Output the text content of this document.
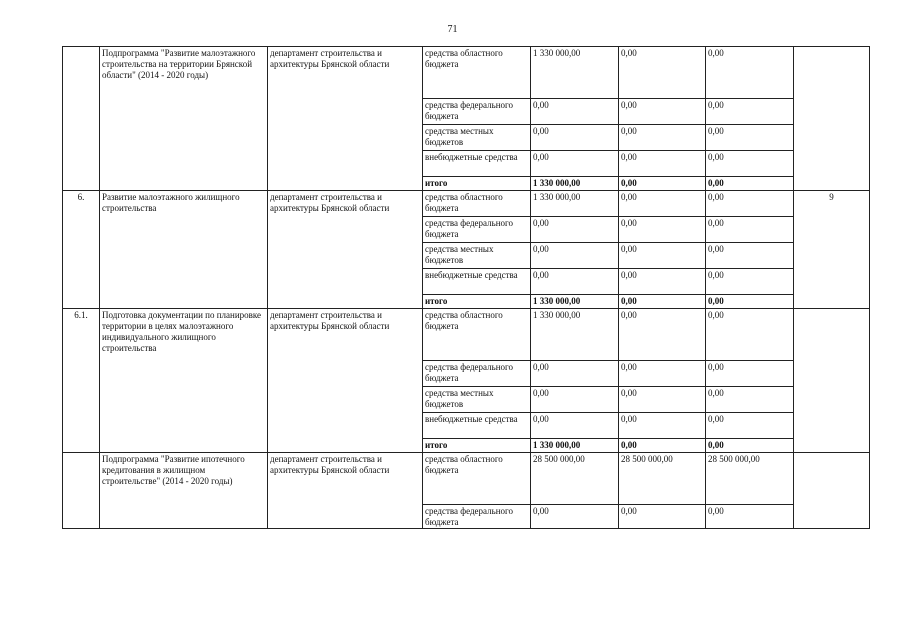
71
	Подпрограмма "Развитие малоэтажного строительства на территории Брянской области" (2014 - 2020 годы)	департамент строительства и архитектуры Брянской области	средства областного бюджета	1 330 000,00	0,00	0,00	
			средства федерального бюджета	0,00	0,00	0,00	
			средства местных бюджетов	0,00	0,00	0,00	
			внебюджетные средства	0,00	0,00	0,00	
			итого	1 330 000,00	0,00	0,00	
6.	Развитие малоэтажного жилищного строительства	департамент строительства и архитектуры Брянской области	средства областного бюджета	1 330 000,00	0,00	0,00	9
			средства федерального бюджета	0,00	0,00	0,00	
			средства местных бюджетов	0,00	0,00	0,00	
			внебюджетные средства	0,00	0,00	0,00	
			итого	1 330 000,00	0,00	0,00	
6.1.	Подготовка документации по планировке территории в целях малоэтажного индивидуального жилищного строительства	департамент строительства и архитектуры Брянской области	средства областного бюджета	1 330 000,00	0,00	0,00	
			средства федерального бюджета	0,00	0,00	0,00	
			средства местных бюджетов	0,00	0,00	0,00	
			внебюджетные средства	0,00	0,00	0,00	
			итого	1 330 000,00	0,00	0,00	
	Подпрограмма "Развитие ипотечного кредитования в жилищном строительстве" (2014 - 2020 годы)	департамент строительства и архитектуры Брянской области	средства областного бюджета	28 500 000,00	28 500 000,00	28 500 000,00	
			средства федерального бюджета	0,00	0,00	0,00	
